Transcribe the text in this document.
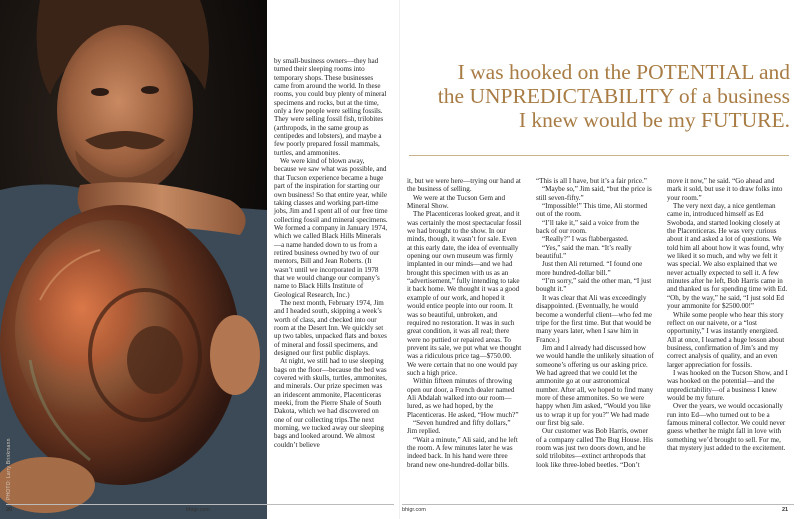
PHOTO: Larry Brinkmann

by small-business owners—they had turned their sleeping rooms into temporary shops. These businesses came from around the world. In these rooms, you could buy plenty of mineral specimens and rocks, but at the time, only a few people were selling fossils. They were selling fossil fish, trilobites (arthropods, in the same group as centipedes and lobsters), and maybe a few poorly prepared fossil mammals, turtles, and ammonites.

We were kind of blown away, because we saw what was possible, and that Tucson experience became a huge part of the inspiration for starting our own business! So that entire year, while taking classes and working part-time jobs, Jim and I spent all of our free time collecting fossil and mineral specimens. We formed a company in January 1974, which we called Black Hills Minerals—a name handed down to us from a retired business owned by two of our mentors, Bill and Jean Roberts. (It wasn’t until we incorporated in 1978 that we would change our company’s name to Black Hills Institute of Geological Research, Inc.)

The next month, February 1974, Jim and I headed south, skipping a week’s worth of class, and checked into our room at the Desert Inn. We quickly set up two tables, unpacked flats and boxes of mineral and fossil specimens, and designed our first public displays.

At night, we still had to use sleeping bags on the floor—because the bed was covered with skulls, turtles, ammonites, and minerals. Our prize specimen was an iridescent ammonite, Placenticeras meeki, from the Pierre Shale of South Dakota, which we had discovered on one of our collecting trips.The next morning, we tucked away our sleeping bags and looked around. We almost couldn’t believe

20	bhigr.com
I was hooked on the POTENTIAL and the UNPREDICTABILITY of a business I knew would be my FUTURE.

it, but we were here—trying our hand at the business of selling.

We were at the Tucson Gem and Mineral Show.

The Placenticeras looked great, and it was certainly the most spectacular fossil we had brought to the show. In our minds, though, it wasn’t for sale. Even at this early date, the idea of eventually opening our own museum was firmly implanted in our minds—and we had brought this specimen with us as an “advertisement,” fully intending to take it back home. We thought it was a good example of our work, and hoped it would entice people into our room. It was so beautiful, unbroken, and required no restoration. It was in such great condition, it was all real; there were no puttied or repaired areas. To prevent its sale, we put what we thought was a ridiculous price tag—$750.00. We were certain that no one would pay such a high price.

Within fifteen minutes of throwing open our door, a French dealer named Ali Abdalah walked into our room—lured, as we had hoped, by the Placenticeras. He asked, “How much?”

“Seven hundred and fifty dollars,” Jim replied.

“Wait a minute,” Ali said, and he left the room. A few minutes later he was indeed back. In his hand were three brand new one-hundred-dollar bills.

“This is all I have, but it’s a fair price.”

“Maybe so,” Jim said, “but the price is still seven-fifty.”

“Impossible!” This time, Ali stormed out of the room.

“I’ll take it,” said a voice from the back of our room.

“Really?” I was flabbergasted.

“Yes,” said the man. “It’s really beautiful.”

Just then Ali returned. “I found one more hundred-dollar bill.”

“I’m sorry,” said the other man, “I just bought it.”

It was clear that Ali was exceedingly disappointed. (Eventually, he would become a wonderful client—who fed me tripe for the first time. But that would be many years later, when I saw him in France.)

Jim and I already had discussed how we would handle the unlikely situation of someone’s offering us our asking price. We had agreed that we could let the ammonite go at our astronomical number. After all, we hoped to find many more of these ammonites. So we were happy when Jim asked, “Would you like us to wrap it up for you?” We had made our first big sale.

Our customer was Bob Harris, owner of a company called The Bug House. His room was just two doors down, and he sold trilobites—extinct arthropods that look like three-lobed beetles. “Don’t

move it now,” he said. “Go ahead and mark it sold, but use it to draw folks into your room.”

The very next day, a nice gentleman came in, introduced himself as Ed Swoboda, and started looking closely at the Placenticeras. He was very curious about it and asked a lot of questions. We told him all about how it was found, why we liked it so much, and why we felt it was special. We also explained that we never actually expected to sell it. A few minutes after he left, Bob Harris came in and thanked us for spending time with Ed. “Oh, by the way,” he said, “I just sold Ed your ammonite for $2500.00!”

While some people who hear this story reflect on our naivete, or a “lost opportunity,” I was instantly energized. All at once, I learned a huge lesson about business, confirmation of Jim’s and my correct analysis of quality, and an even larger appreciation for fossils.

I was hooked on the Tucson Show, and I was hooked on the potential—and the unpredictability—of a business I knew would be my future.

Over the years, we would occasionally run into Ed—who turned out to be a famous mineral collector. We could never guess whether he might fall in love with something we’d brought to sell. For me, that mystery just added to the excitement.

bhigr.com	21
